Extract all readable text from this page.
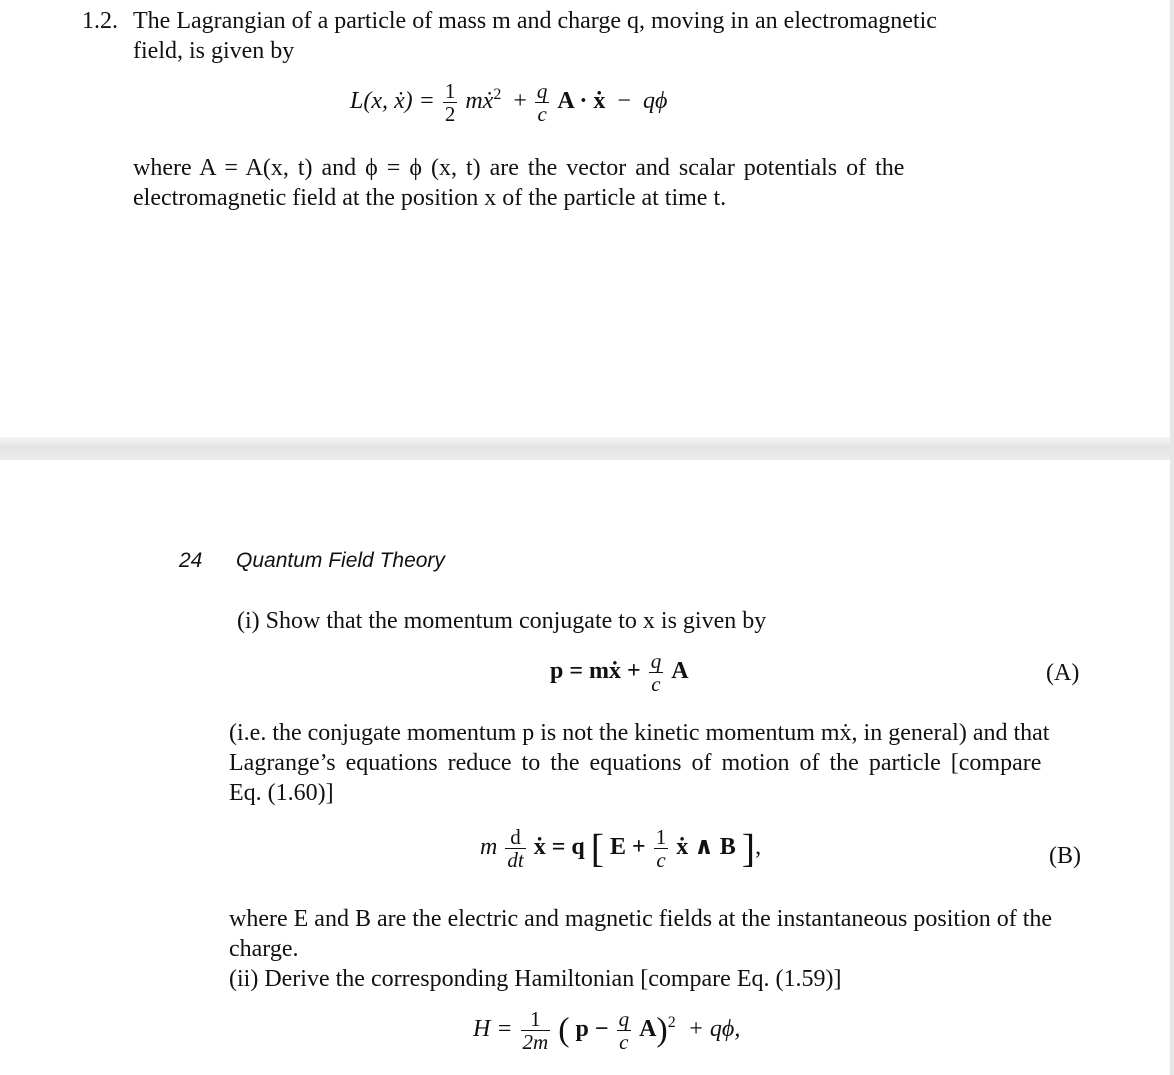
1.2. The Lagrangian of a particle of mass m and charge q, moving in an electromagnetic
field, is given by
L(x, ẋ) = $\frac{1}{2}$ mẋ$^2$ + $\frac{q}{c}$ A · ẋ − qϕ
where A = A(x, t) and ϕ = ϕ (x, t) are the vector and scalar potentials of the
electromagnetic field at the position x of the particle at time t.
24 Quantum Field Theory
(i) Show that the momentum conjugate to x is given by
p = mẋ + $\frac{q}{c}$ A	(A)
(i.e. the conjugate momentum p is not the kinetic momentum mẋ, in general) and that
Lagrange’s equations reduce to the equations of motion of the particle [compare
Eq. (1.60)]
m $\frac{d}{dt}$ ẋ = q [ $E + \frac{1}{c}$ ẋ ∧ B ],	(B)
where E and B are the electric and magnetic fields at the instantaneous position of the
charge.
(ii) Derive the corresponding Hamiltonian [compare Eq. (1.59)]
$H = \frac{1}{2m}$ ( $p - \frac{q}{c} A)^2 + q\phi$,
